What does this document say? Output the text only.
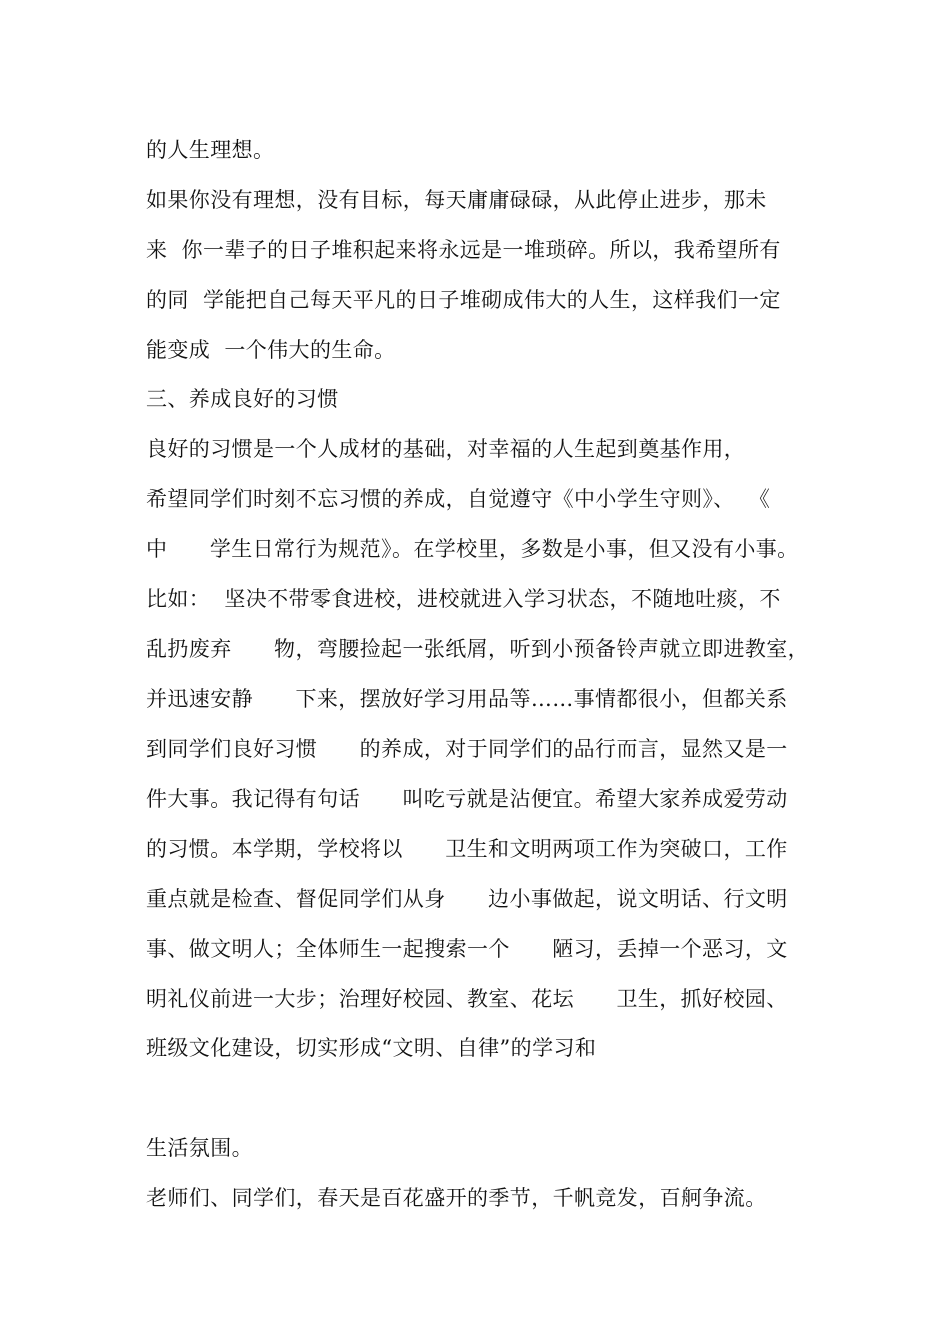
的人生理想。
如果你没有理想，没有目标，每天庸庸碌碌，从此停止进步，那未
来  你一辈子的日子堆积起来将永远是一堆琐碎。所以，我希望所有
的同  学能把自己每天平凡的日子堆砌成伟大的人生，这样我们一定
能变成  一个伟大的生命。
三、养成良好的习惯
良好的习惯是一个人成材的基础，对幸福的人生起到奠基作用，
希望同学们时刻不忘习惯的养成，自觉遵守《中小学生守则》、  《
中      学生日常行为规范》。在学校里，多数是小事，但又没有小事。
比如：  坚决不带零食进校，进校就进入学习状态，不随地吐痰，不
乱扔废弃      物，弯腰捡起一张纸屑，听到小预备铃声就立即进教室，
并迅速安静      下来，摆放好学习用品等……事情都很小，但都关系
到同学们良好习惯      的养成，对于同学们的品行而言，显然又是一
件大事。我记得有句话      叫吃亏就是沾便宜。希望大家养成爱劳动
的习惯。本学期，学校将以      卫生和文明两项工作为突破口，工作
重点就是检查、督促同学们从身      边小事做起，说文明话、行文明
事、做文明人；全体师生一起搜索一个      陋习，丢掉一个恶习，文
明礼仪前进一大步；治理好校园、教室、花坛      卫生，抓好校园、
班级文化建设，切实形成“文明、自律”的学习和
生活氛围。
老师们、同学们，春天是百花盛开的季节，千帆竞发，百舸争流。
